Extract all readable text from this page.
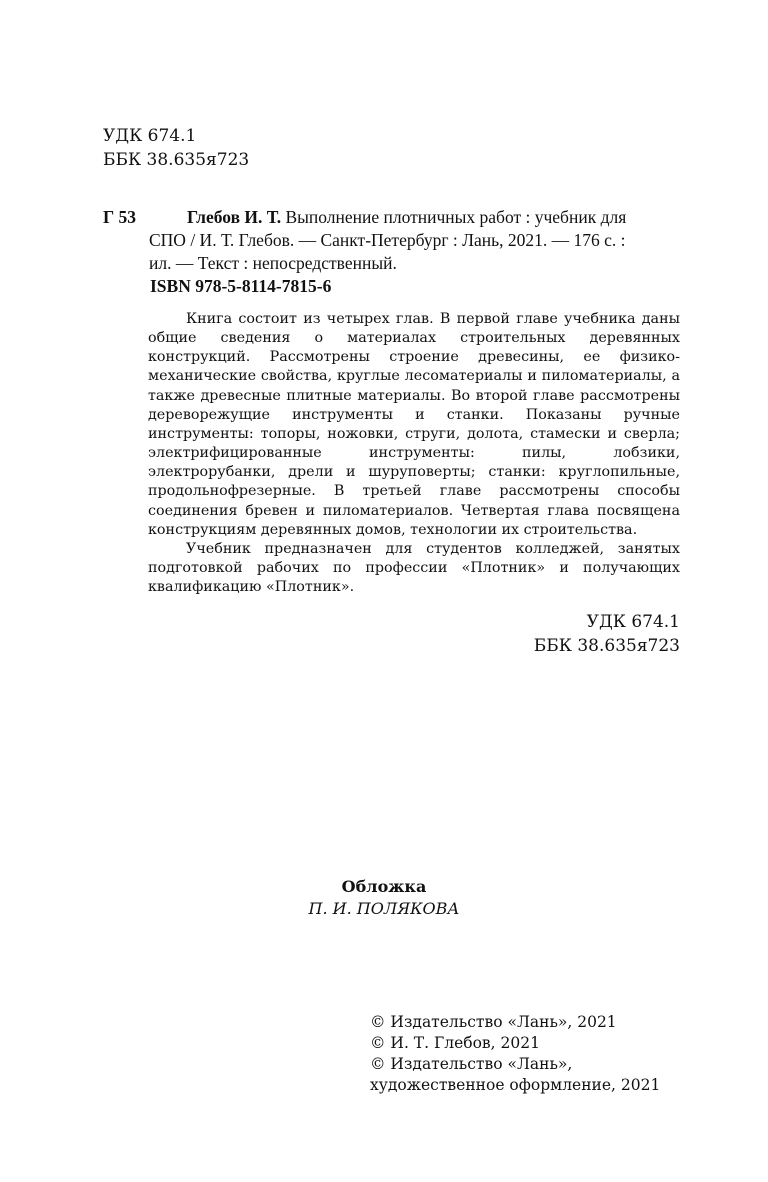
УДК 674.1
ББК 38.635я723
Г 53	Глебов И. Т. Выполнение плотничных работ : учебник для
СПО / И. Т. Глебов. — Санкт-Петербург : Лань, 2021. — 176 с. :
ил. — Текст : непосредственный.
ISBN 978-5-8114-7815-6

Книга состоит из четырех глав. В первой главе учебника даны общие сведения о материалах строительных деревянных конструкций. Рассмотрены строение древесины, ее физико-механические свойства, круглые лесоматериалы и пиломатериалы, а также древесные плитные материалы. Во второй главе рассмотрены дереворежущие инструменты и станки. Показаны ручные инструменты: топоры, ножовки, струги, долота, стамески и сверла; электрифицированные инструменты: пилы, лобзики, электрорубанки, дрели и шуруповерты; станки: круглопильные, продольнофрезерные. В третьей главе рассмотрены способы соединения бревен и пиломатериалов. Четвертая глава посвящена конструкциям деревянных домов, технологии их строительства.

Учебник предназначен для студентов колледжей, занятых подготовкой рабочих по профессии «Плотник» и получающих квалификацию «Плотник».

УДК 674.1
ББК 38.635я723
Обложка
П. И. ПОЛЯКОВА
© Издательство «Лань», 2021
© И. Т. Глебов, 2021
© Издательство «Лань»,
художественное оформление, 2021
